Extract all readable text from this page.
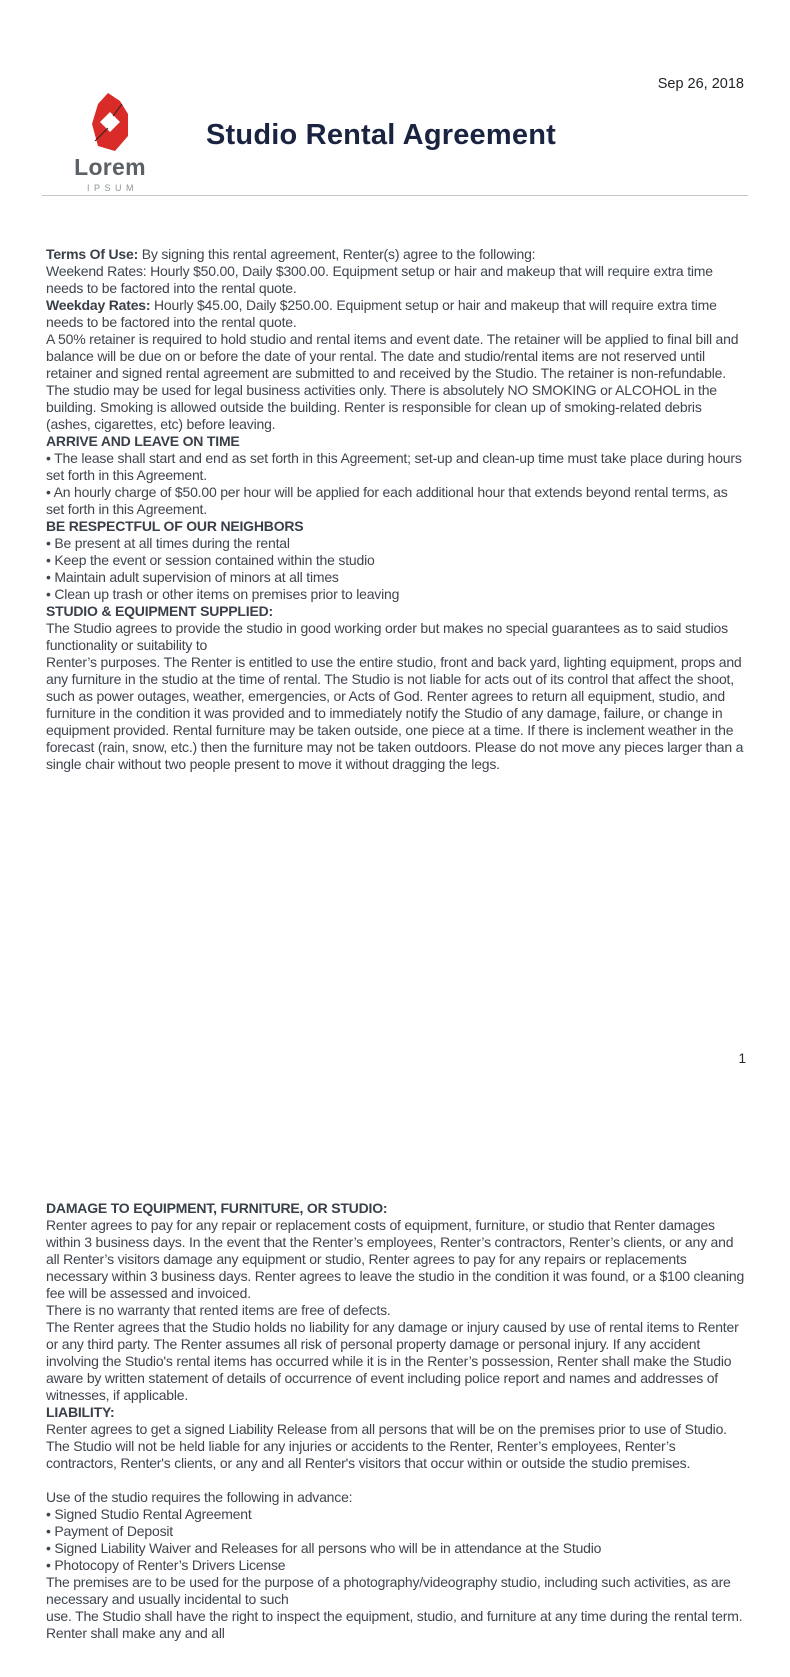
Sep 26, 2018
Lorem
IPSUM
Studio Rental Agreement

Terms Of Use: By signing this rental agreement, Renter(s) agree to the following:

Weekend Rates: Hourly $50.00, Daily $300.00. Equipment setup or hair and makeup that will require extra time needs to be factored into the rental quote.

Weekday Rates: Hourly $45.00, Daily $250.00. Equipment setup or hair and makeup that will require extra time needs to be factored into the rental quote.

A 50% retainer is required to hold studio and rental items and event date. The retainer will be applied to final bill and balance will be due on or before the date of your rental. The date and studio/rental items are not reserved until retainer and signed rental agreement are submitted to and received by the Studio. The retainer is non-refundable.

The studio may be used for legal business activities only. There is absolutely NO SMOKING or ALCOHOL in the building. Smoking is allowed outside the building. Renter is responsible for clean up of smoking-related debris (ashes, cigarettes, etc) before leaving.

ARRIVE AND LEAVE ON TIME

• The lease shall start and end as set forth in this Agreement; set-up and clean-up time must take place during hours set forth in this Agreement.

• An hourly charge of $50.00 per hour will be applied for each additional hour that extends beyond rental terms, as set forth in this Agreement.

BE RESPECTFUL OF OUR NEIGHBORS

• Be present at all times during the rental

• Keep the event or session contained within the studio

• Maintain adult supervision of minors at all times

• Clean up trash or other items on premises prior to leaving

STUDIO & EQUIPMENT SUPPLIED:

The Studio agrees to provide the studio in good working order but makes no special guarantees as to said studios functionality or suitability to

Renter’s purposes. The Renter is entitled to use the entire studio, front and back yard, lighting equipment, props and any furniture in the studio at the time of rental. The Studio is not liable for acts out of its control that affect the shoot, such as power outages, weather, emergencies, or Acts of God. Renter agrees to return all equipment, studio, and furniture in the condition it was provided and to immediately notify the Studio of any damage, failure, or change in equipment provided. Rental furniture may be taken outside, one piece at a time. If there is inclement weather in the forecast (rain, snow, etc.) then the furniture may not be taken outdoors. Please do not move any pieces larger than a single chair without two people present to move it without dragging the legs.

1

DAMAGE TO EQUIPMENT, FURNITURE, OR STUDIO:

Renter agrees to pay for any repair or replacement costs of equipment, furniture, or studio that Renter damages within 3 business days. In the event that the Renter’s employees, Renter’s contractors, Renter’s clients, or any and all Renter’s visitors damage any equipment or studio, Renter agrees to pay for any repairs or replacements necessary within 3 business days. Renter agrees to leave the studio in the condition it was found, or a $100 cleaning fee will be assessed and invoiced.

There is no warranty that rented items are free of defects.

The Renter agrees that the Studio holds no liability for any damage or injury caused by use of rental items to Renter or any third party. The Renter assumes all risk of personal property damage or personal injury. If any accident involving the Studio's rental items has occurred while it is in the Renter’s possession, Renter shall make the Studio aware by written statement of details of occurrence of event including police report and names and addresses of witnesses, if applicable.

LIABILITY:

Renter agrees to get a signed Liability Release from all persons that will be on the premises prior to use of Studio. The Studio will not be held liable for any injuries or accidents to the Renter, Renter’s employees, Renter’s contractors, Renter's clients, or any and all Renter's visitors that occur within or outside the studio premises.

Use of the studio requires the following in advance:

• Signed Studio Rental Agreement

• Payment of Deposit

• Signed Liability Waiver and Releases for all persons who will be in attendance at the Studio

• Photocopy of Renter’s Drivers License

The premises are to be used for the purpose of a photography/videography studio, including such activities, as are necessary and usually incidental to such

use. The Studio shall have the right to inspect the equipment, studio, and furniture at any time during the rental term. Renter shall make any and all
